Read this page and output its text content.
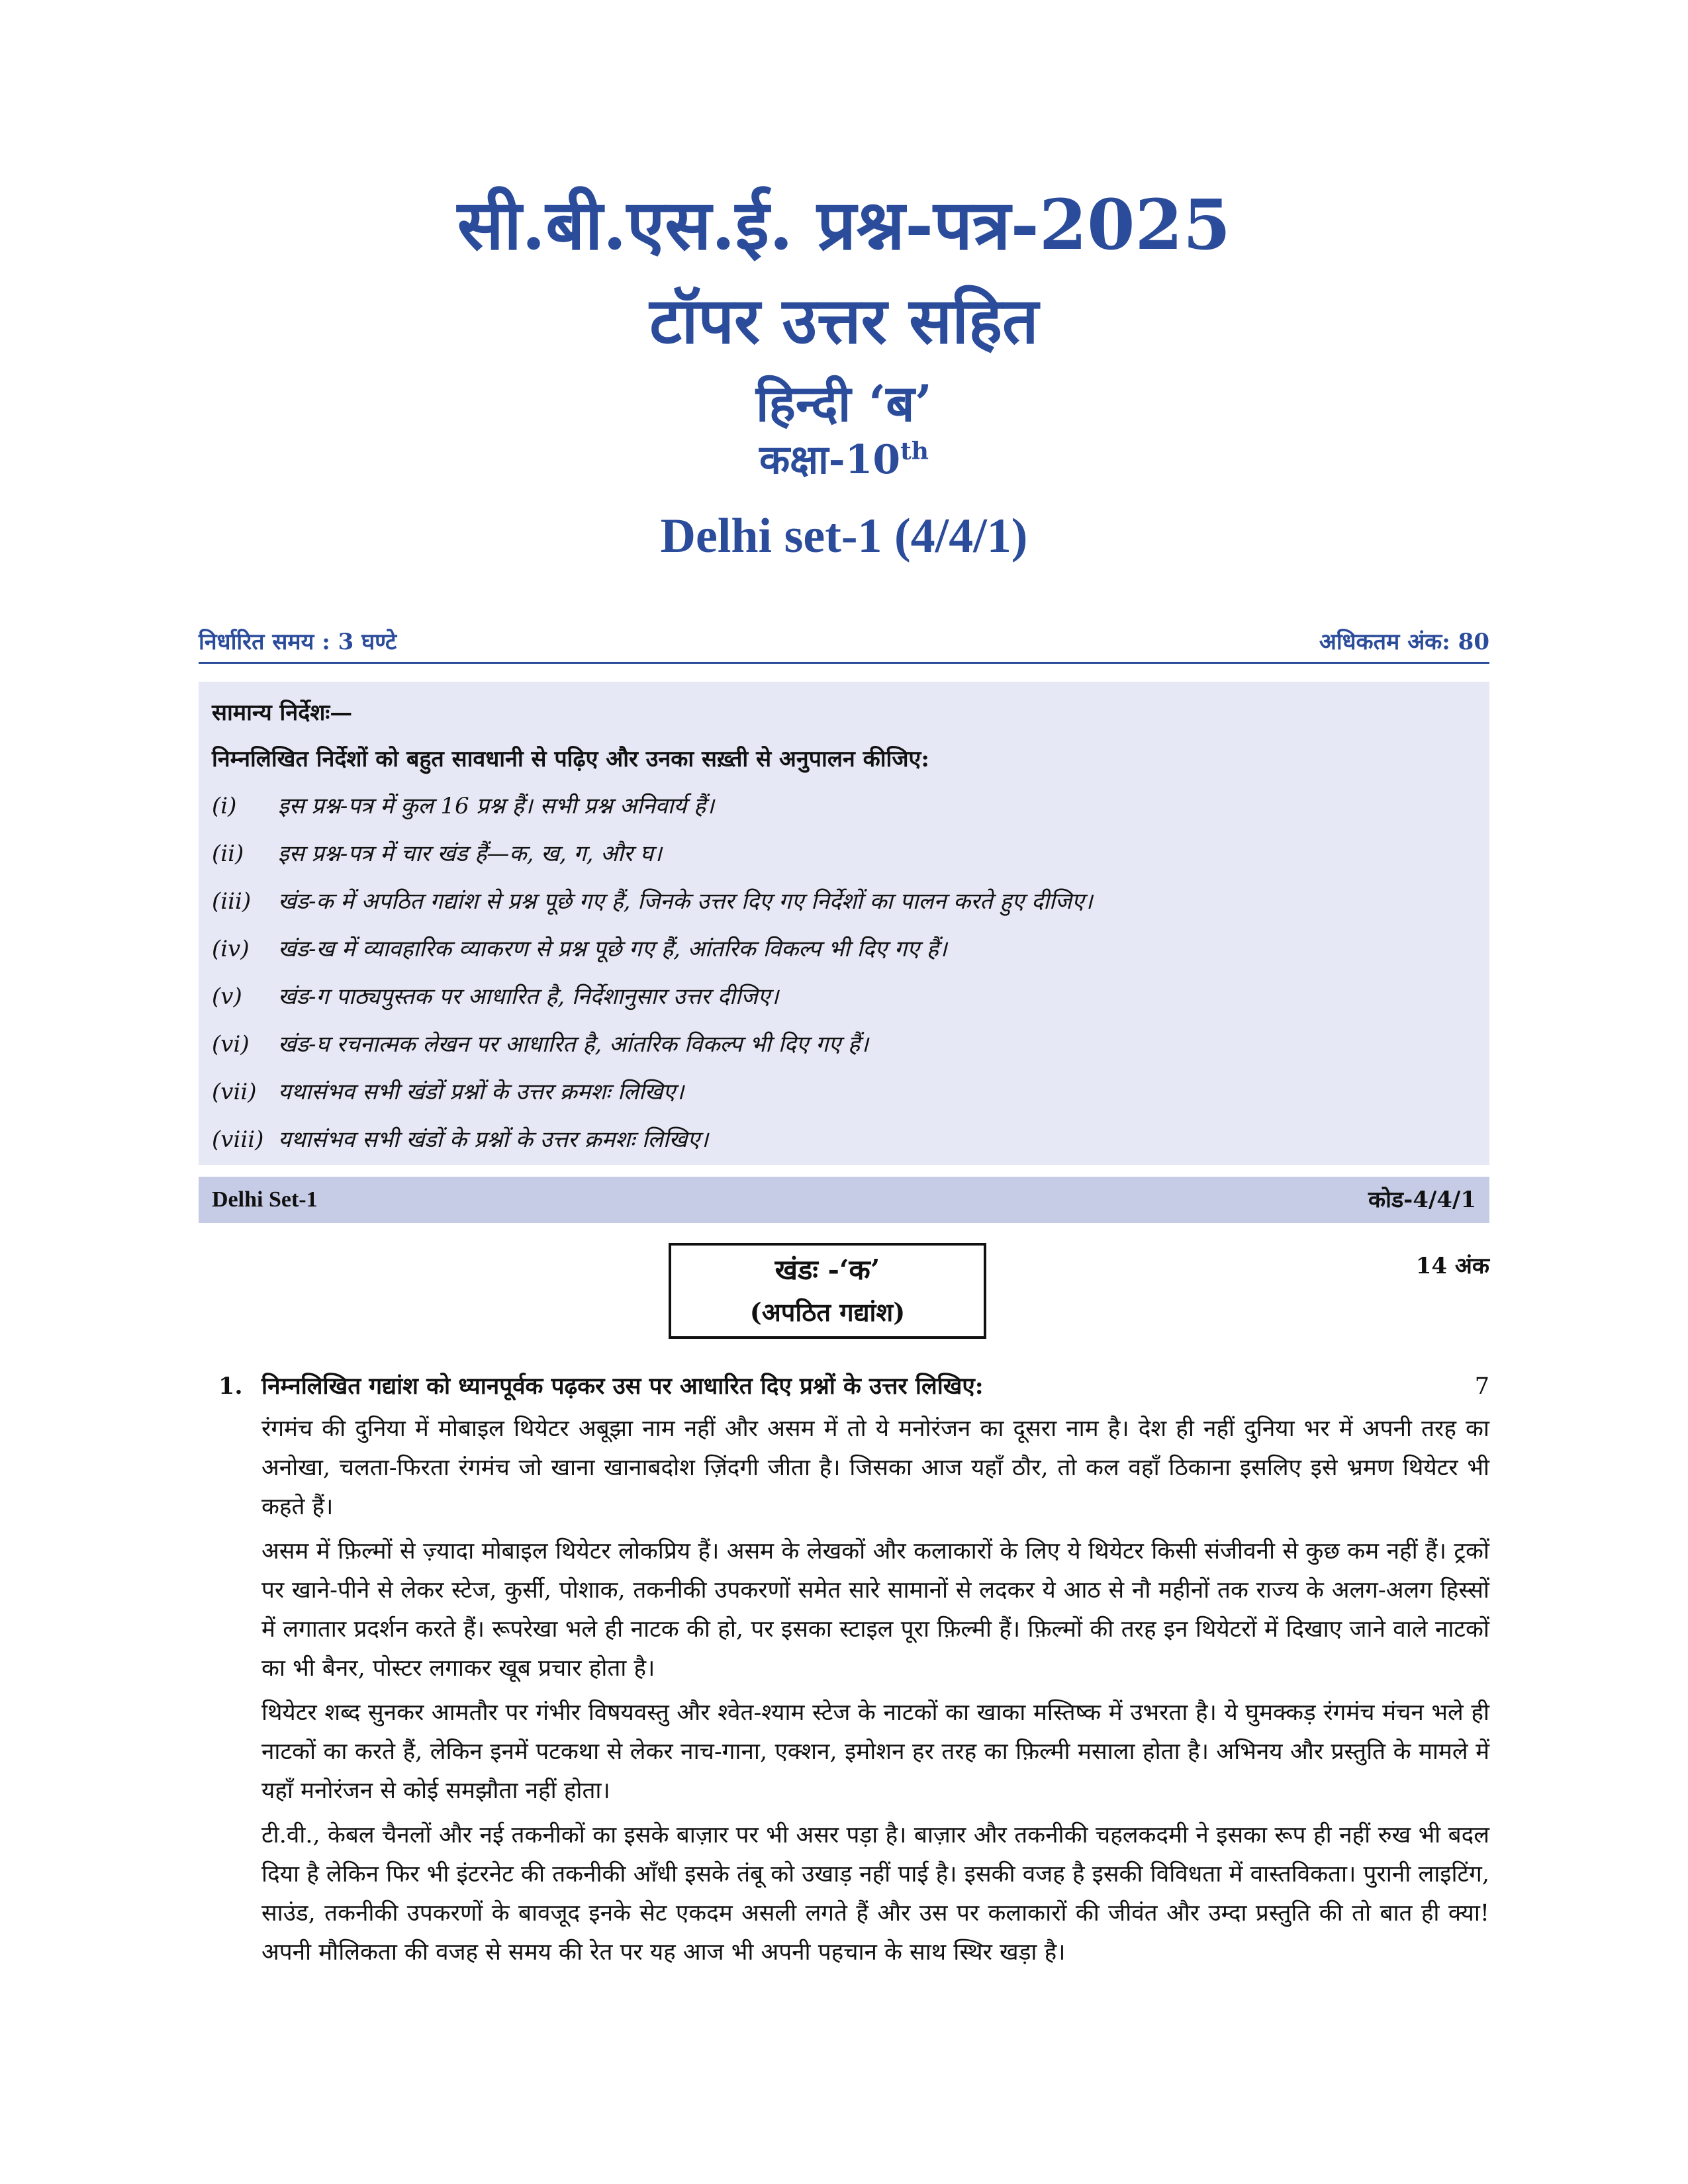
सी.बी.एस.ई. प्रश्न-पत्र-2025
टॉपर उत्तर सहित
हिन्दी ‘ब’
कक्षा-10th
Delhi set-1 (4/4/1)
निर्धारित समय : 3 घण्टे	अधिकतम अंक: 80
सामान्य निर्देशः—
निम्नलिखित निर्देशों को बहुत सावधानी से पढ़िए और उनका सख़्ती से अनुपालन कीजिए:
(i) इस प्रश्न-पत्र में कुल 16 प्रश्न हैं। सभी प्रश्न अनिवार्य हैं।
(ii) इस प्रश्न-पत्र में चार खंड हैं—क, ख, ग, और घ।
(iii) खंड-क में अपठित गद्यांश से प्रश्न पूछे गए हैं, जिनके उत्तर दिए गए निर्देशों का पालन करते हुए दीजिए।
(iv) खंड-ख में व्यावहारिक व्याकरण से प्रश्न पूछे गए हैं, आंतरिक विकल्प भी दिए गए हैं।
(v) खंड-ग पाठ्यपुस्तक पर आधारित है, निर्देशानुसार उत्तर दीजिए।
(vi) खंड-घ रचनात्मक लेखन पर आधारित है, आंतरिक विकल्प भी दिए गए हैं।
(vii) यथासंभव सभी खंडों प्रश्नों के उत्तर क्रमशः लिखिए।
(viii) यथासंभव सभी खंडों के प्रश्नों के उत्तर क्रमशः लिखिए।
Delhi Set-1	कोड-4/4/1
खंडः -‘क’
(अपठित गद्यांश)
14 अंक
1. निम्नलिखित गद्यांश को ध्यानपूर्वक पढ़कर उस पर आधारित दिए प्रश्नों के उत्तर लिखिए:	7

रंगमंच की दुनिया में मोबाइल थियेटर अबूझा नाम नहीं और असम में तो ये मनोरंजन का दूसरा नाम है। देश ही नहीं दुनिया भर में अपनी तरह का अनोखा, चलता-फिरता रंगमंच जो खाना खानाबदोश ज़िंदगी जीता है। जिसका आज यहाँ ठौर, तो कल वहाँ ठिकाना इसलिए इसे भ्रमण थियेटर भी कहते हैं।

असम में फ़िल्मों से ज़्यादा मोबाइल थियेटर लोकप्रिय हैं। असम के लेखकों और कलाकारों के लिए ये थियेटर किसी संजीवनी से कुछ कम नहीं हैं। ट्रकों पर खाने-पीने से लेकर स्टेज, कुर्सी, पोशाक, तकनीकी उपकरणों समेत सारे सामानों से लदकर ये आठ से नौ महीनों तक राज्य के अलग-अलग हिस्सों में लगातार प्रदर्शन करते हैं। रूपरेखा भले ही नाटक की हो, पर इसका स्टाइल पूरा फ़िल्मी हैं। फ़िल्मों की तरह इन थियेटरों में दिखाए जाने वाले नाटकों का भी बैनर, पोस्टर लगाकर खूब प्रचार होता है।

थियेटर शब्द सुनकर आमतौर पर गंभीर विषयवस्तु और श्वेत-श्याम स्टेज के नाटकों का खाका मस्तिष्क में उभरता है। ये घुमक्कड़ रंगमंच मंचन भले ही नाटकों का करते हैं, लेकिन इनमें पटकथा से लेकर नाच-गाना, एक्शन, इमोशन हर तरह का फ़िल्मी मसाला होता है। अभिनय और प्रस्तुति के मामले में यहाँ मनोरंजन से कोई समझौता नहीं होता।

टी.वी., केबल चैनलों और नई तकनीकों का इसके बाज़ार पर भी असर पड़ा है। बाज़ार और तकनीकी चहलकदमी ने इसका रूप ही नहीं रुख भी बदल दिया है लेकिन फिर भी इंटरनेट की तकनीकी आँधी इसके तंबू को उखाड़ नहीं पाई है। इसकी वजह है इसकी विविधता में वास्तविकता। पुरानी लाइटिंग, साउंड, तकनीकी उपकरणों के बावजूद इनके सेट एकदम असली लगते हैं और उस पर कलाकारों की जीवंत और उम्दा प्रस्तुति की तो बात ही क्या! अपनी मौलिकता की वजह से समय की रेत पर यह आज भी अपनी पहचान के साथ स्थिर खड़ा है।
